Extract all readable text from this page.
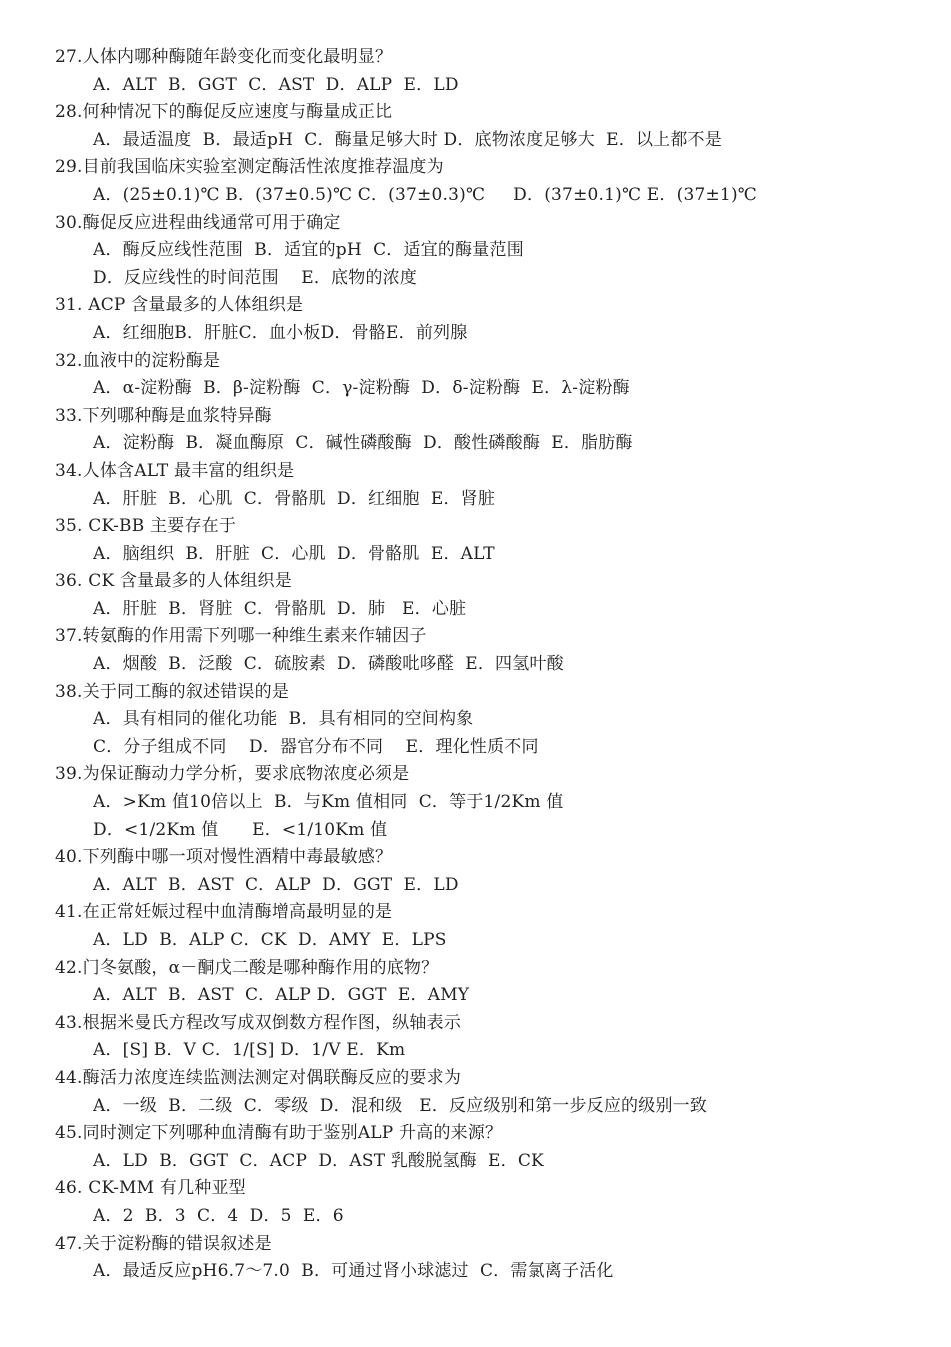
27.人体内哪种酶随年龄变化而变化最明显？
A．ALT  B．GGT  C．AST  D．ALP  E．LD
28.何种情况下的酶促反应速度与酶量成正比
A．最适温度  B．最适pH  C．酶量足够大时 D．底物浓度足够大  E．以上都不是
29.目前我国临床实验室测定酶活性浓度推荐温度为
A．(25±0.1)℃ B．(37±0.5)℃ C．(37±0.3)℃     D．(37±0.1)℃ E．(37±1)℃
30.酶促反应进程曲线通常可用于确定
A．酶反应线性范围  B．适宜的pH  C．适宜的酶量范围
D．反应线性的时间范围    E．底物的浓度
31. ACP 含量最多的人体组织是
A．红细胞B．肝脏C．血小板D．骨骼E．前列腺
32.血液中的淀粉酶是
A．α-淀粉酶  B．β-淀粉酶  C．γ-淀粉酶  D．δ-淀粉酶  E．λ-淀粉酶
33.下列哪种酶是血浆特异酶
A．淀粉酶  B．凝血酶原  C．碱性磷酸酶  D．酸性磷酸酶  E．脂肪酶
34.人体含ALT 最丰富的组织是
A．肝脏  B．心肌  C．骨骼肌  D．红细胞  E．肾脏
35. CK-BB 主要存在于
A．脑组织  B．肝脏  C．心肌  D．骨骼肌  E．ALT
36. CK 含量最多的人体组织是
A．肝脏  B．肾脏  C．骨骼肌  D．肺   E．心脏
37.转氨酶的作用需下列哪一种维生素来作辅因子
A．烟酸  B．泛酸  C．硫胺素  D．磷酸吡哆醛  E．四氢叶酸
38.关于同工酶的叙述错误的是
A．具有相同的催化功能  B．具有相同的空间构象
C．分子组成不同    D．器官分布不同    E．理化性质不同
39.为保证酶动力学分析，要求底物浓度必须是
A．>Km 值10倍以上  B．与Km 值相同  C．等于1/2Km 值
D．<1/2Km 值      E．<1/10Km 值
40.下列酶中哪一项对慢性酒精中毒最敏感？
A．ALT  B．AST  C．ALP  D．GGT  E．LD
41.在正常妊娠过程中血清酶增高最明显的是
A．LD  B．ALP C．CK  D．AMY  E．LPS
42.门冬氨酸，α－酮戊二酸是哪种酶作用的底物？
A．ALT  B．AST  C．ALP D．GGT  E．AMY
43.根据米曼氏方程改写成双倒数方程作图，纵轴表示
A．[S] B．V C．1/[S] D．1/V E．Km
44.酶活力浓度连续监测法测定对偶联酶反应的要求为
A．一级  B．二级  C．零级  D．混和级   E．反应级别和第一步反应的级别一致
45.同时测定下列哪种血清酶有助于鉴别ALP 升高的来源？
A．LD  B．GGT  C．ACP  D．AST 乳酸脱氢酶  E．CK
46. CK-MM 有几种亚型
A．2  B．3  C．4  D．5  E．6
47.关于淀粉酶的错误叙述是
A．最适反应pH6.7～7.0  B．可通过肾小球滤过  C．需氯离子活化
